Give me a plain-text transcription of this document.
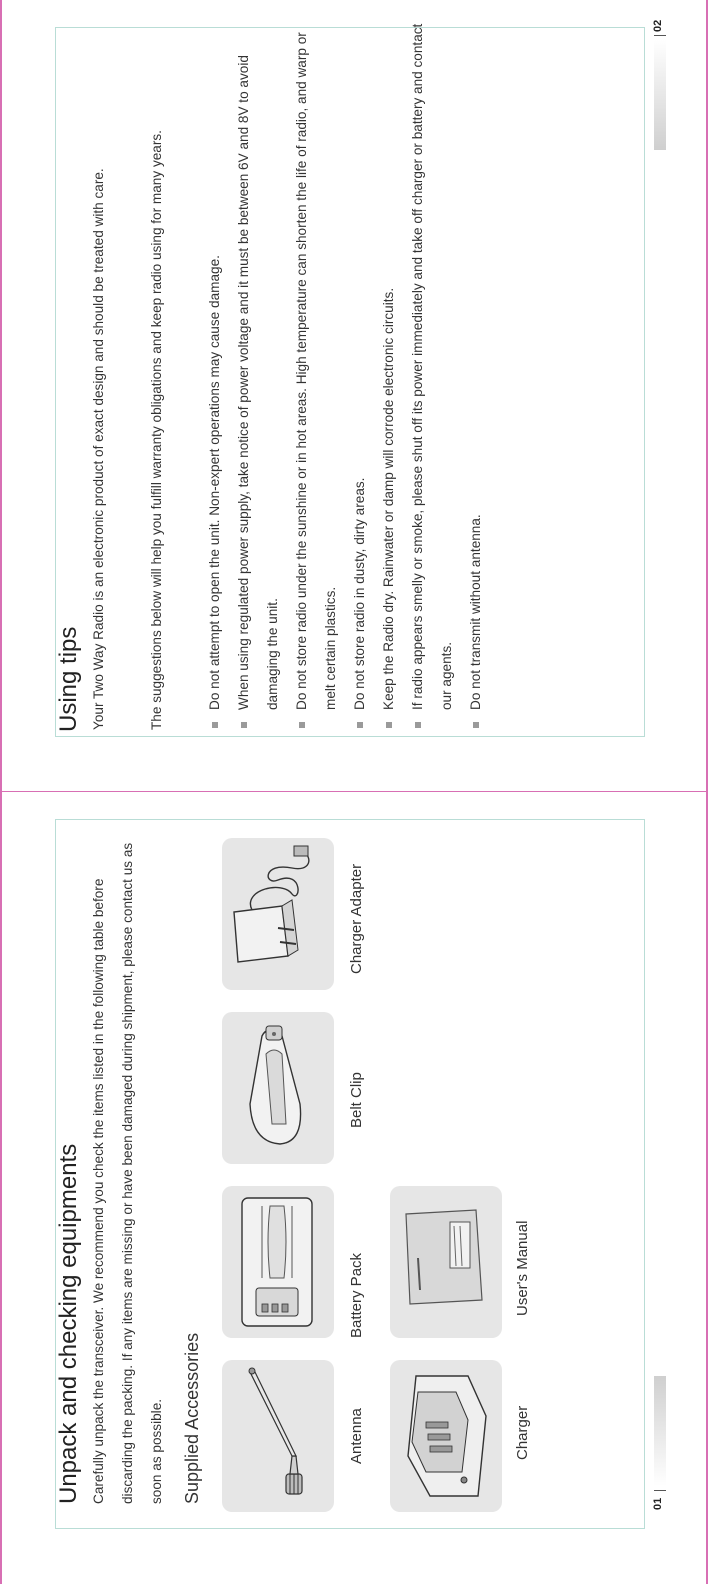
Unpack and checking equipments Carefully unpack the transceiver. We recommend you check the items listed in the following table before discarding the packing. If any items are missing or have been damaged during shipment, please contact us as soon as possible.	Supplied Accessories	Antenna
Battery Pack
Belt Clip
Charger Adapter
Charger
User's Manual
01
Using tips Your Two Way Radio is an electronic product of exact design and should be treated with care.	The suggestions below will help you fulfill warranty obligations and keep radio using for many years.	Do not attempt to open the unit. Non-expert operations may cause damage.	When using regulated power supply, take notice of power voltage and it must be between 6V and 8V to avoid damaging the unit.	Do not store radio under the sunshine or in hot areas. High temperature can shorten the life of radio, and warp or melt certain plastics.	Do not store radio in dusty, dirty areas.	Keep the Radio dry. Rainwater or damp will corrode electronic circuits.	If radio appears smelly or smoke, please shut off its power immediately and take off charger or battery and contact our agents.	Do not transmit without antenna.
02
